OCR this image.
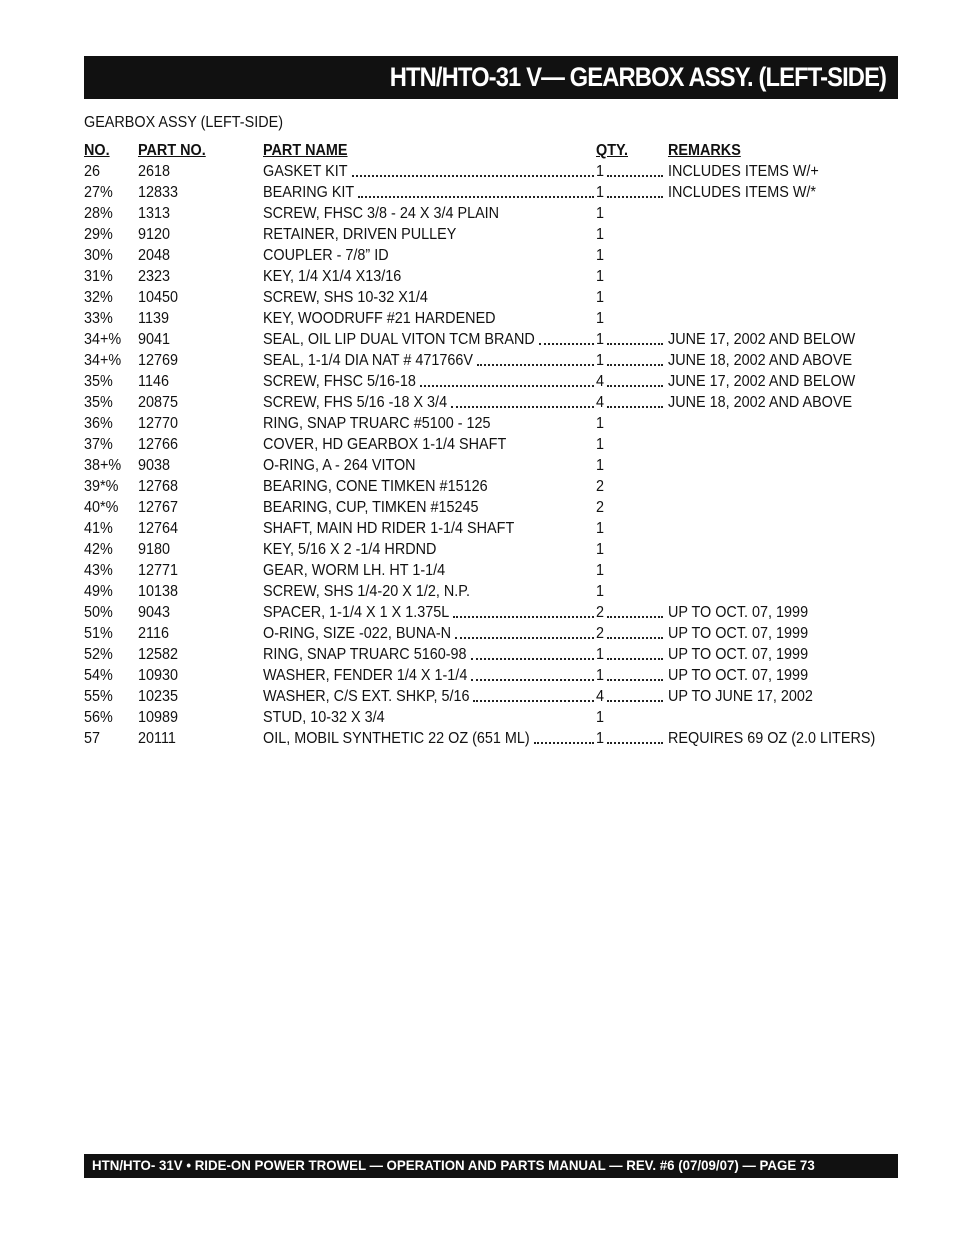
HTN/HTO-31 V— GEARBOX ASSY. (LEFT-SIDE)
GEARBOX ASSY (LEFT-SIDE)
NO. PART NO.	PART NAME	QTY. REMARKS
26 2618	GASKET KIT	1	INCLUDES ITEMS W/+
27% 12833	BEARING KIT	1	INCLUDES ITEMS W/*
28% 1313	SCREW, FHSC 3/8 - 24 X 3/4 PLAIN	1
29% 9120	RETAINER, DRIVEN PULLEY	1
30% 2048	COUPLER - 7/8” ID	1
31% 2323	KEY, 1/4 X1/4 X13/16	1
32% 10450	SCREW, SHS 10-32 X1/4	1
33% 1139	KEY, WOODRUFF #21 HARDENED	1
34+% 9041	SEAL, OIL LIP DUAL VITON TCM BRAND	1	JUNE 17, 2002 AND BELOW
34+% 12769	SEAL, 1-1/4 DIA NAT # 471766V	1	JUNE 18, 2002 AND ABOVE
35% 1146	SCREW, FHSC 5/16-18	4	JUNE 17, 2002 AND BELOW
35% 20875	SCREW, FHS 5/16 -18 X 3/4	4	JUNE 18, 2002 AND ABOVE
36% 12770	RING, SNAP TRUARC #5100 - 125	1
37% 12766	COVER, HD GEARBOX 1-1/4 SHAFT	1
38+% 9038	O-RING, A - 264 VITON	1
39*% 12768	BEARING, CONE TIMKEN #15126	2
40*% 12767	BEARING, CUP, TIMKEN #15245	2
41% 12764	SHAFT, MAIN HD RIDER 1-1/4 SHAFT	1
42% 9180	KEY, 5/16 X 2 -1/4 HRDND	1
43% 12771	GEAR, WORM LH. HT 1-1/4	1
49% 10138	SCREW, SHS 1/4-20 X 1/2, N.P.	1
50% 9043	SPACER, 1-1/4 X 1 X 1.375L	2	UP TO OCT. 07, 1999
51% 2116	O-RING, SIZE -022, BUNA-N	2	UP TO OCT. 07, 1999
52% 12582	RING, SNAP TRUARC 5160-98	1	UP TO OCT. 07, 1999
54% 10930	WASHER, FENDER 1/4 X 1-1/4	1	UP TO OCT. 07, 1999
55% 10235	WASHER, C/S EXT. SHKP, 5/16	4	UP TO JUNE 17, 2002
56% 10989	STUD, 10-32 X 3/4	1
57 20111	OIL, MOBIL SYNTHETIC 22 OZ (651 ML)	1	REQUIRES 69 OZ (2.0 LITERS)
HTN/HTO- 31V • RIDE-ON POWER TROWEL — OPERATION AND PARTS MANUAL — REV. #6 (07/09/07) — PAGE 73
